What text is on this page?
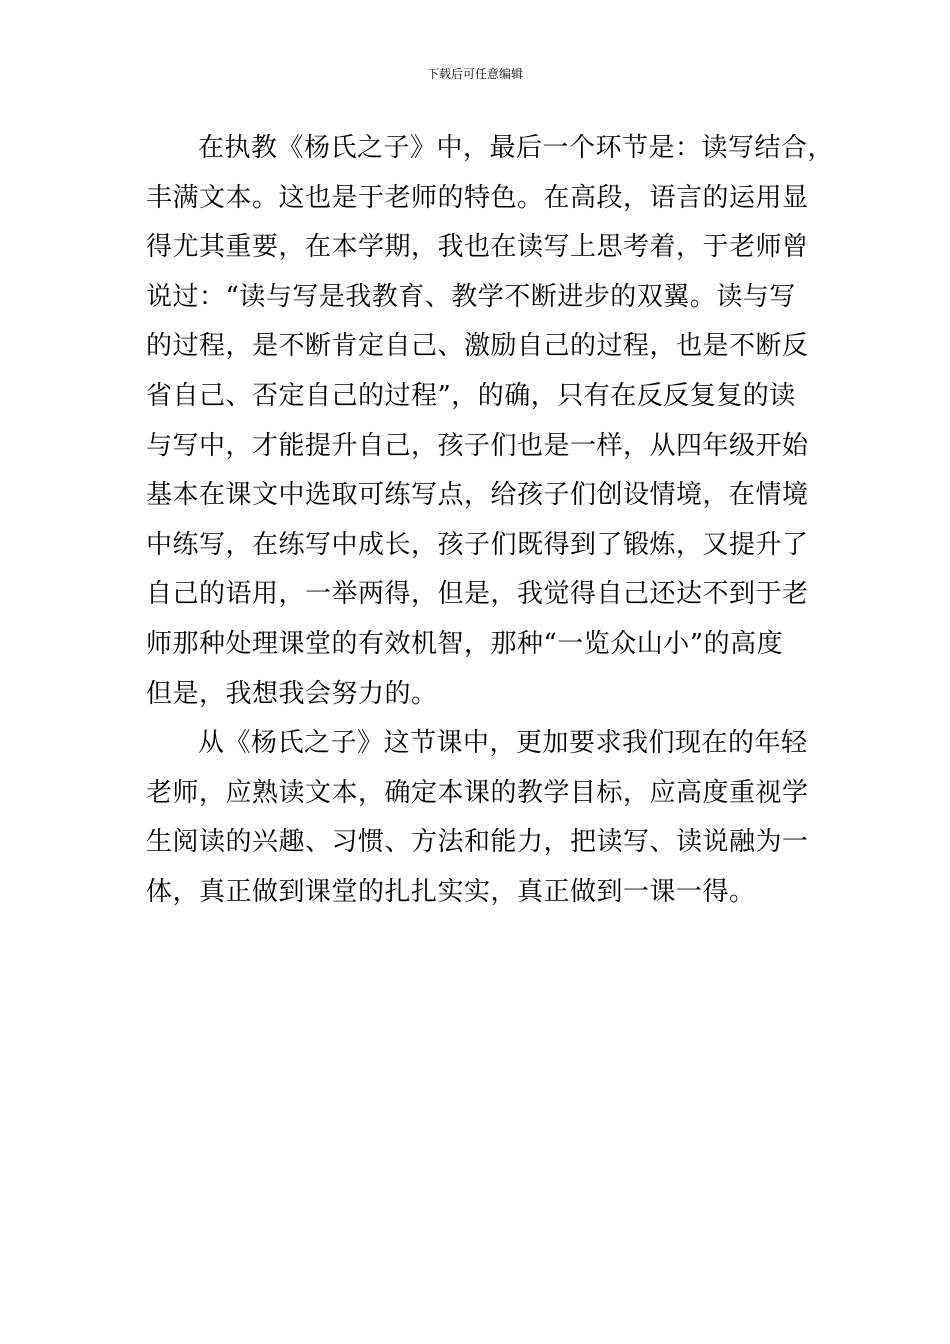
下载后可任意编辑
在执教《杨氏之子》中，最后一个环节是：读写结合，
丰满文本。这也是于老师的特色。在高段，语言的运用显
得尤其重要，在本学期，我也在读写上思考着，于老师曾
说过：“读与写是我教育、教学不断进步的双翼。读与写
的过程，是不断肯定自己、激励自己的过程，也是不断反
省自己、否定自己的过程”，的确，只有在反反复复的读
与写中，才能提升自己，孩子们也是一样，从四年级开始
基本在课文中选取可练写点，给孩子们创设情境，在情境
中练写，在练写中成长，孩子们既得到了锻炼，又提升了
自己的语用，一举两得，但是，我觉得自己还达不到于老
师那种处理课堂的有效机智，那种“一览众山小”的高度
但是，我想我会努力的。
从《杨氏之子》这节课中，更加要求我们现在的年轻
老师，应熟读文本，确定本课的教学目标，应高度重视学
生阅读的兴趣、习惯、方法和能力，把读写、读说融为一
体，真正做到课堂的扎扎实实，真正做到一课一得。
